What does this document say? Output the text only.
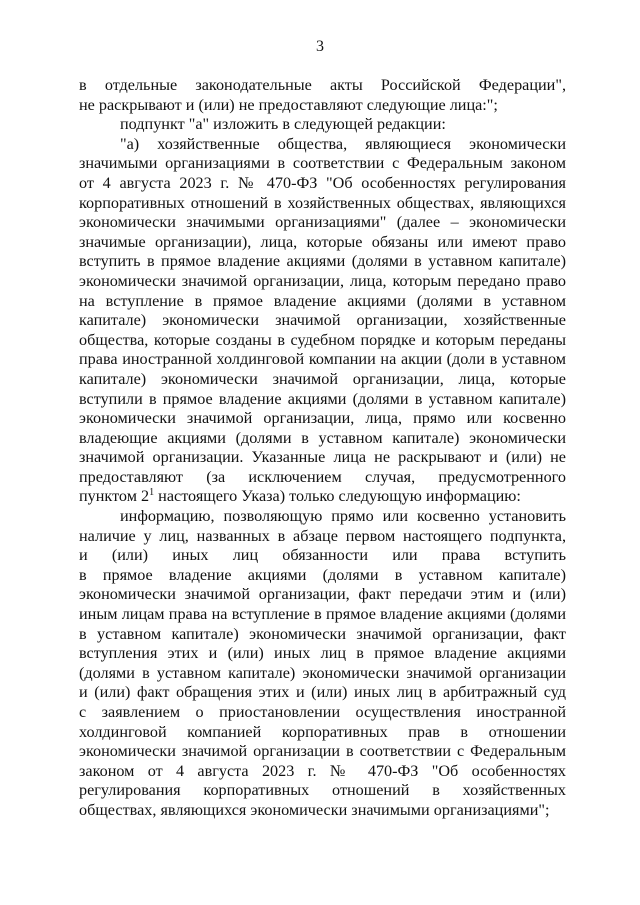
3
в отдельные законодательные акты Российской Федерации",
не раскрывают и (или) не предоставляют следующие лица:";
подпункт "а" изложить в следующей редакции:
"а) хозяйственные общества, являющиеся экономически
значимыми организациями в соответствии с Федеральным законом
от 4 августа 2023 г. № 470-ФЗ "Об особенностях регулирования
корпоративных отношений в хозяйственных обществах, являющихся
экономически значимыми организациями" (далее – экономически
значимые организации), лица, которые обязаны или имеют право
вступить в прямое владение акциями (долями в уставном капитале)
экономически значимой организации, лица, которым передано право
на вступление в прямое владение акциями (долями в уставном
капитале) экономически значимой организации, хозяйственные
общества, которые созданы в судебном порядке и которым переданы
права иностранной холдинговой компании на акции (доли в уставном
капитале) экономически значимой организации, лица, которые
вступили в прямое владение акциями (долями в уставном капитале)
экономически значимой организации, лица, прямо или косвенно
владеющие акциями (долями в уставном капитале) экономически
значимой организации. Указанные лица не раскрывают и (или) не
предоставляют (за исключением случая, предусмотренного
пунктом $2^1$ настоящего Указа) только следующую информацию:
информацию, позволяющую прямо или косвенно установить
наличие у лиц, названных в абзаце первом настоящего подпункта,
и (или) иных лиц обязанности или права вступить
в прямое владение акциями (долями в уставном капитале)
экономически значимой организации, факт передачи этим и (или)
иным лицам права на вступление в прямое владение акциями (долями
в уставном капитале) экономически значимой организации, факт
вступления этих и (или) иных лиц в прямое владение акциями
(долями в уставном капитале) экономически значимой организации
и (или) факт обращения этих и (или) иных лиц в арбитражный суд
с заявлением о приостановлении осуществления иностранной
холдинговой компанией корпоративных прав в отношении
экономически значимой организации в соответствии с Федеральным
законом от 4 августа 2023 г. № 470-ФЗ "Об особенностях
регулирования корпоративных отношений в хозяйственных
обществах, являющихся экономически значимыми организациями";
